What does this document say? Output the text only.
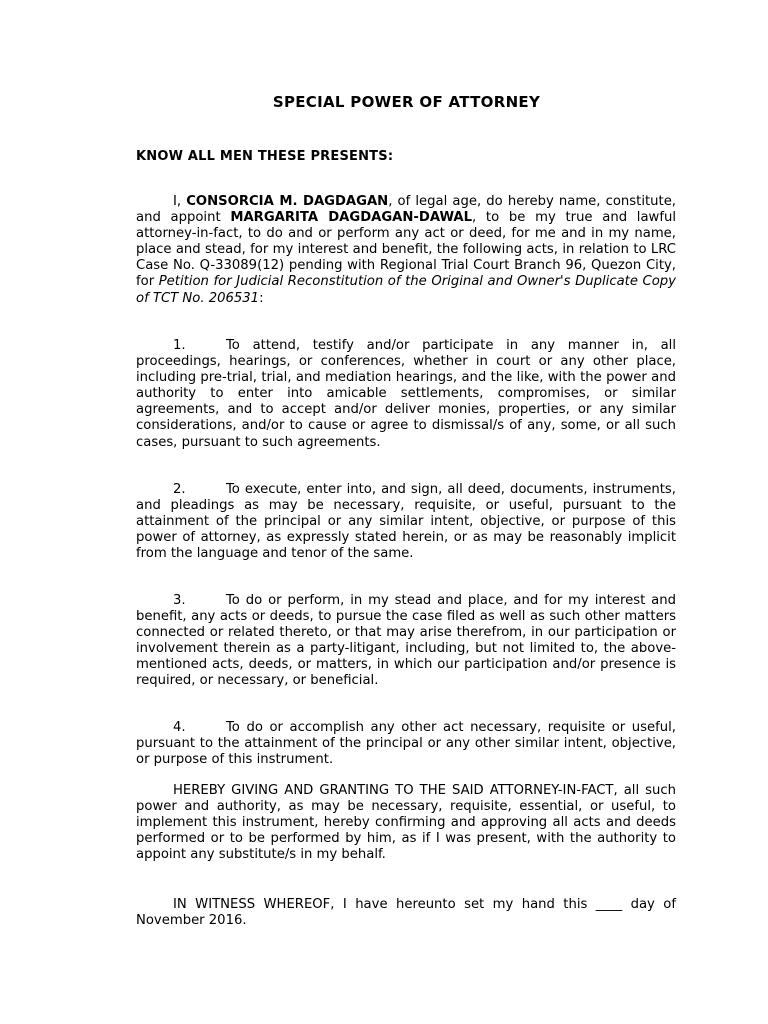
SPECIAL POWER OF ATTORNEY

KNOW ALL MEN THESE PRESENTS:

I, CONSORCIA M. DAGDAGAN, of legal age, do hereby name, constitute, and appoint MARGARITA DAGDAGAN-DAWAL, to be my true and lawful attorney-in-fact, to do and or perform any act or deed, for me and in my name, place and stead, for my interest and benefit, the following acts, in relation to LRC Case No. Q-33089(12) pending with Regional Trial Court Branch 96, Quezon City, for Petition for Judicial Reconstitution of the Original and Owner's Duplicate Copy of TCT No. 206531:

1.	To attend, testify and/or participate in any manner in, all proceedings, hearings, or conferences, whether in court or any other place, including pre-trial, trial, and mediation hearings, and the like, with the power and authority to enter into amicable settlements, compromises, or similar agreements, and to accept and/or deliver monies, properties, or any similar considerations, and/or to cause or agree to dismissal/s of any, some, or all such cases, pursuant to such agreements.

2.	To execute, enter into, and sign, all deed, documents, instruments, and pleadings as may be necessary, requisite, or useful, pursuant to the attainment of the principal or any similar intent, objective, or purpose of this power of attorney, as expressly stated herein, or as may be reasonably implicit from the language and tenor of the same.

3.	To do or perform, in my stead and place, and for my interest and benefit, any acts or deeds, to pursue the case filed as well as such other matters connected or related thereto, or that may arise therefrom, in our participation or involvement therein as a party-litigant, including, but not limited to, the above-mentioned acts, deeds, or matters, in which our participation and/or presence is required, or necessary, or beneficial.

4.	To do or accomplish any other act necessary, requisite or useful, pursuant to the attainment of the principal or any other similar intent, objective, or purpose of this instrument.

HEREBY GIVING AND GRANTING TO THE SAID ATTORNEY-IN-FACT, all such power and authority, as may be necessary, requisite, essential, or useful, to implement this instrument, hereby confirming and approving all acts and deeds performed or to be performed by him, as if I was present, with the authority to appoint any substitute/s in my behalf.

IN WITNESS WHEREOF, I have hereunto set my hand this ____ day of November 2016.
